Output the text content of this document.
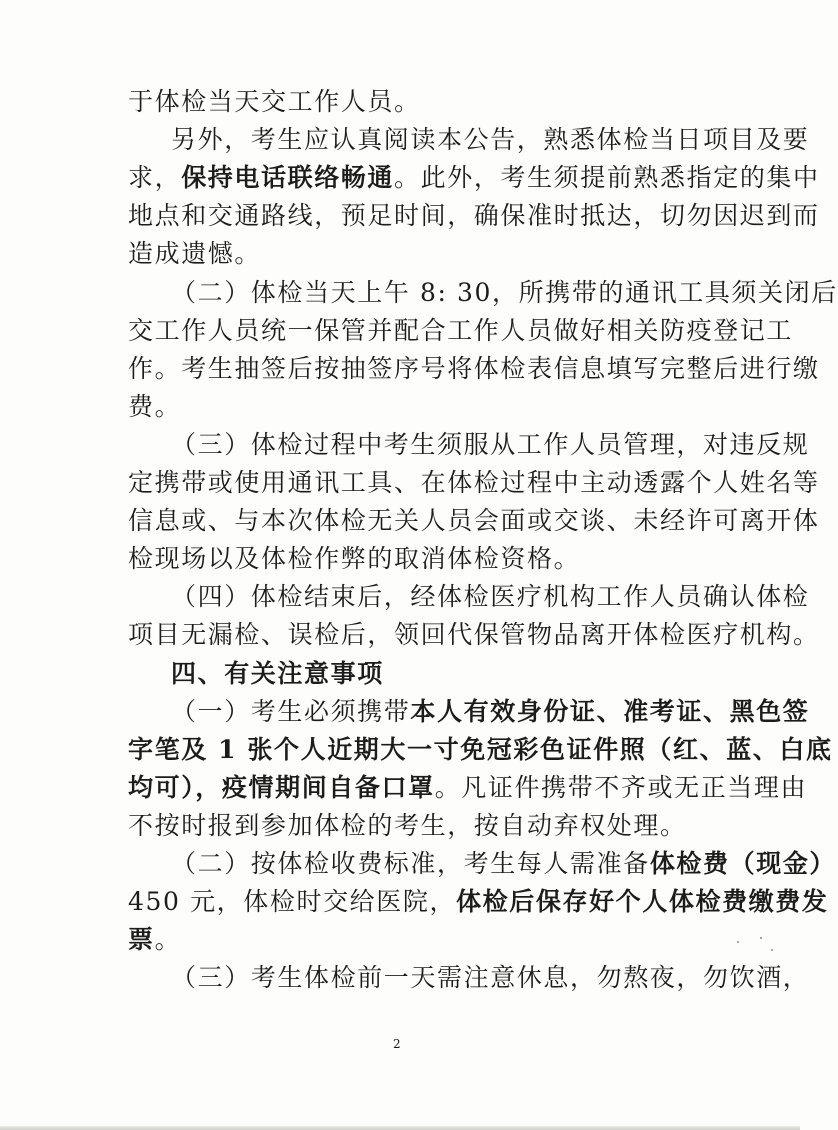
于体检当天交工作人员。

另外，考生应认真阅读本公告，熟悉体检当日项目及要

求，保持电话联络畅通。此外，考生须提前熟悉指定的集中

地点和交通路线，预足时间，确保准时抵达，切勿因迟到而

造成遗憾。

（二）体检当天上午 8: 30，所携带的通讯工具须关闭后

交工作人员统一保管并配合工作人员做好相关防疫登记工

作。考生抽签后按抽签序号将体检表信息填写完整后进行缴

费。

（三）体检过程中考生须服从工作人员管理，对违反规

定携带或使用通讯工具、在体检过程中主动透露个人姓名等

信息或、与本次体检无关人员会面或交谈、未经许可离开体

检现场以及体检作弊的取消体检资格。

（四）体检结束后，经体检医疗机构工作人员确认体检

项目无漏检、误检后，领回代保管物品离开体检医疗机构。

四、有关注意事项

（一）考生必须携带本人有效身份证、准考证、黑色签

字笔及 1 张个人近期大一寸免冠彩色证件照（红、蓝、白底

均可），疫情期间自备口罩。凡证件携带不齐或无正当理由

不按时报到参加体检的考生，按自动弃权处理。

（二）按体检收费标准，考生每人需准备体检费（现金）

450 元，体检时交给医院，体检后保存好个人体检费缴费发

票。

（三）考生体检前一天需注意休息，勿熬夜，勿饮酒，

2
